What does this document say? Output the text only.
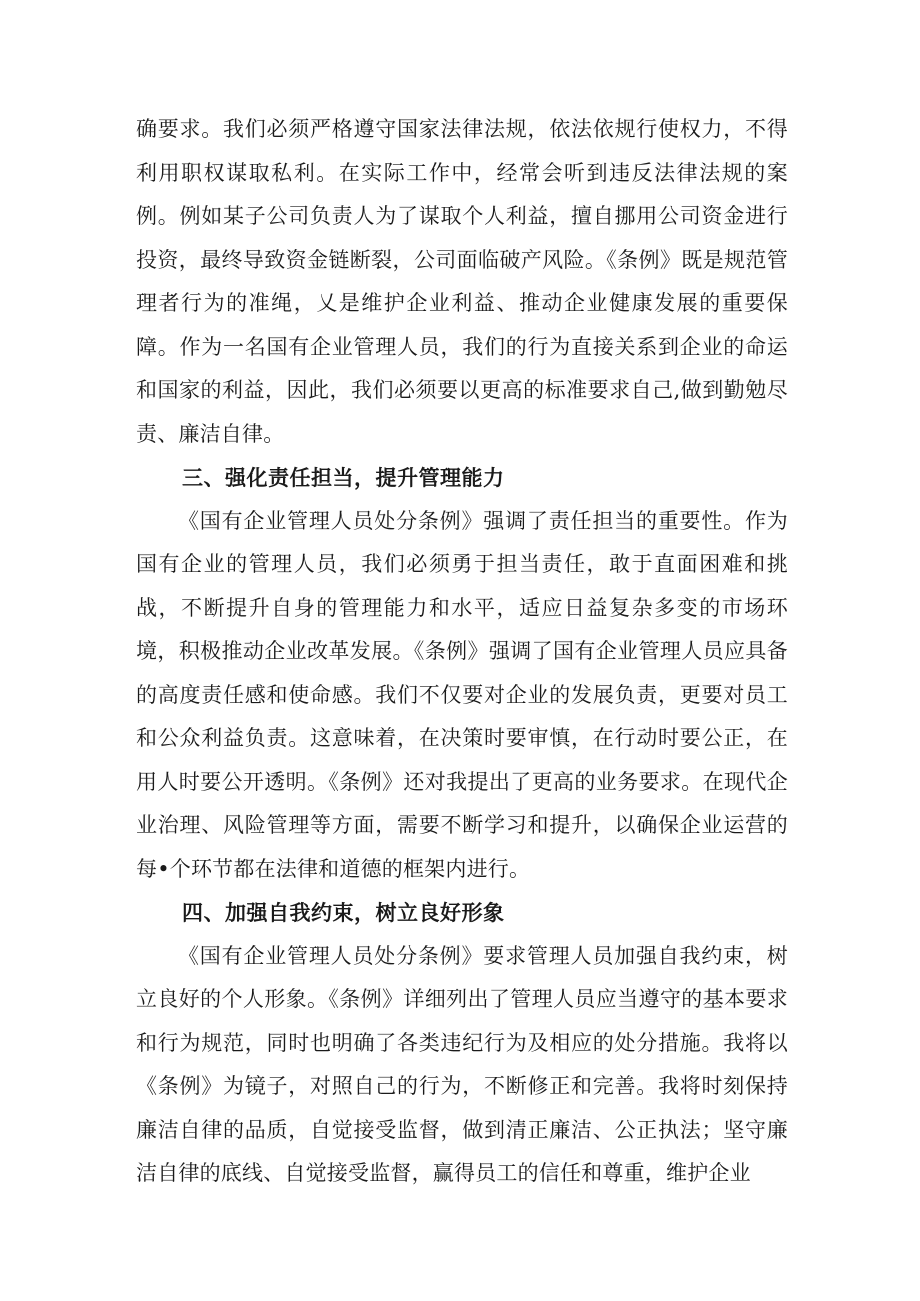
确要求。我们必须严格遵守国家法律法规，依法依规行使权力，不得利用职权谋取私利。在实际工作中，经常会听到违反法律法规的案例。例如某子公司负责人为了谋取个人利益，擅自挪用公司资金进行投资，最终导致资金链断裂，公司面临破产风险。《条例》既是规范管理者行为的准绳，乂是维护企业利益、推动企业健康发展的重要保障。作为一名国有企业管理人员，我们的行为直接关系到企业的命运和国家的利益，因此，我们必须要以更高的标准要求自己,做到勤勉尽责、廉洁自律。

三、强化责任担当，提升管理能力

《国有企业管理人员处分条例》强调了责任担当的重要性。作为国有企业的管理人员，我们必须勇于担当责任，敢于直面困难和挑战，不断提升自身的管理能力和水平，适应日益复杂多变的市场环境，积极推动企业改革发展。《条例》强调了国有企业管理人员应具备的高度责任感和使命感。我们不仅要对企业的发展负责，更要对员工和公众利益负责。这意味着，在决策时要审慎，在行动时要公正，在用人时要公开透明。《条例》还对我提出了更高的业务要求。在现代企业治理、风险管理等方面，需要不断学习和提升，以确保企业运营的每•个环节都在法律和道德的框架内进行。

四、加强自我约束，树立良好形象

《国有企业管理人员处分条例》要求管理人员加强自我约束，树立良好的个人形象。《条例》详细列出了管理人员应当遵守的基本要求和行为规范，同时也明确了各类违纪行为及相应的处分措施。我将以《条例》为镜子，对照自己的行为，不断修正和完善。我将时刻保持廉洁自律的品质，自觉接受监督，做到清正廉洁、公正执法；坚守廉洁自律的底线、自觉接受监督，赢得员工的信任和尊重，维护企业
